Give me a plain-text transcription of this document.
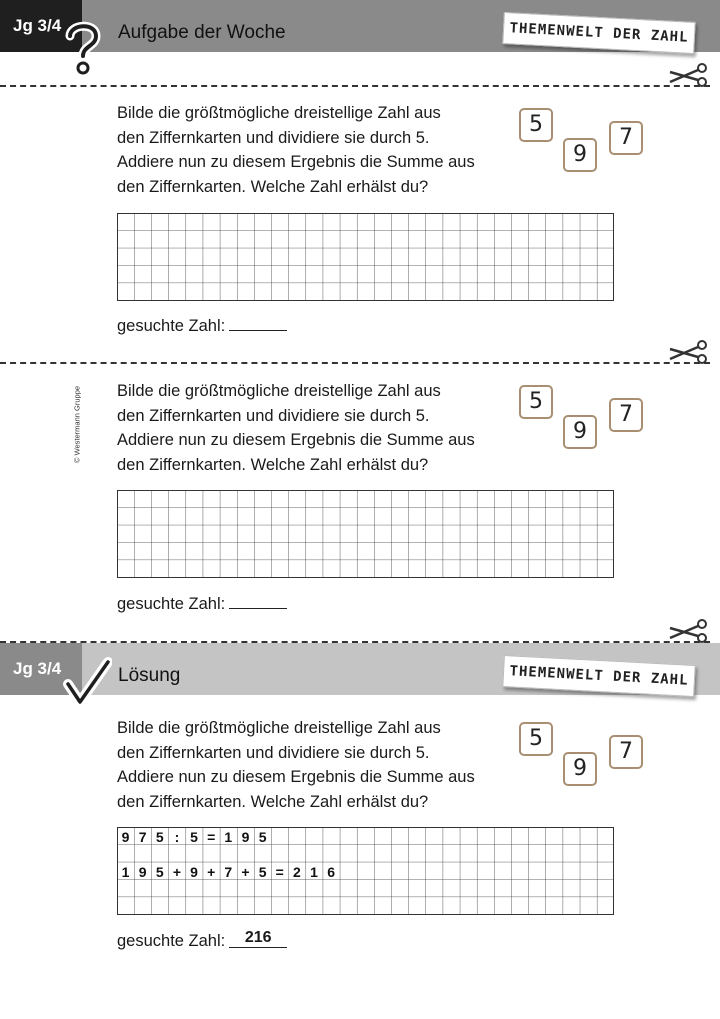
Jg 3/4	Aufgabe der Woche	THEMENWELT DER ZAHL
Bilde die größtmögliche dreistellige Zahl aus
den Ziffernkarten und dividiere sie durch 5.
Addiere nun zu diesem Ergebnis die Summe aus
den Ziffernkarten. Welche Zahl erhälst du?
5
9
7
gesuchte Zahl:
© Westermann Gruppe Bilde die größtmögliche dreistellige Zahl aus
den Ziffernkarten und dividiere sie durch 5.
Addiere nun zu diesem Ergebnis die Summe aus
den Ziffernkarten. Welche Zahl erhälst du?
5
9
7
gesuchte Zahl:
Jg 3/4	Lösung	THEMENWELT DER ZAHL
Bilde die größtmögliche dreistellige Zahl aus
den Ziffernkarten und dividiere sie durch 5.
Addiere nun zu diesem Ergebnis die Summe aus
den Ziffernkarten. Welche Zahl erhälst du?
5
9
7
9 7 5 : 5 = 1 9 5
1 9 5 + 9 + 7 + 5 = 2 1 6
gesuchte Zahl: 216
